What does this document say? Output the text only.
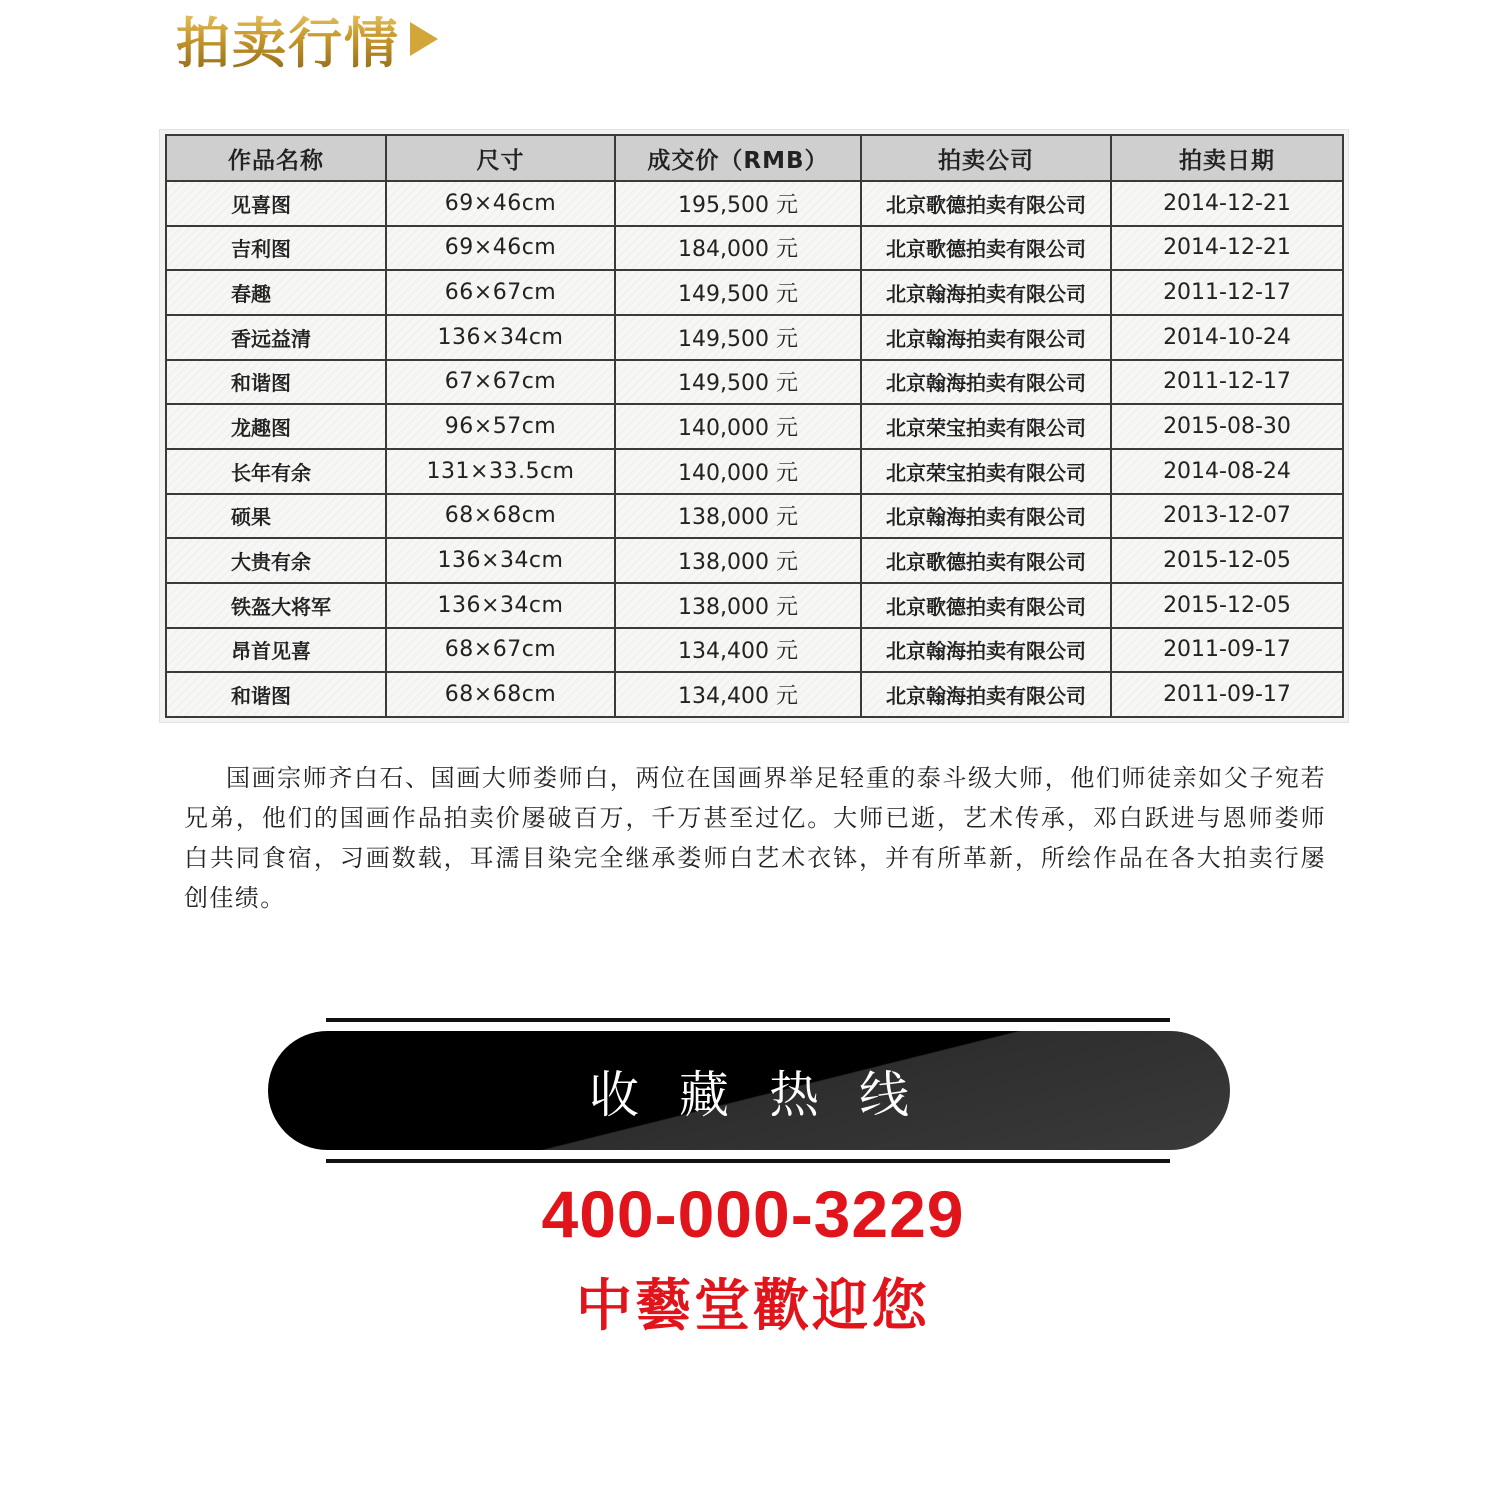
拍卖行情
作品名称	尺寸	成交价（RMB）	拍卖公司	拍卖日期
见喜图	69×46cm	195,500 元	北京歌德拍卖有限公司	2014-12-21
吉利图	69×46cm	184,000 元	北京歌德拍卖有限公司	2014-12-21
春趣	66×67cm	149,500 元	北京翰海拍卖有限公司	2011-12-17
香远益清	136×34cm	149,500 元	北京翰海拍卖有限公司	2014-10-24
和谐图	67×67cm	149,500 元	北京翰海拍卖有限公司	2011-12-17
龙趣图	96×57cm	140,000 元	北京荣宝拍卖有限公司	2015-08-30
长年有余	131×33.5cm	140,000 元	北京荣宝拍卖有限公司	2014-08-24
硕果	68×68cm	138,000 元	北京翰海拍卖有限公司	2013-12-07
大贵有余	136×34cm	138,000 元	北京歌德拍卖有限公司	2015-12-05
铁盔大将军	136×34cm	138,000 元	北京歌德拍卖有限公司	2015-12-05
昂首见喜	68×67cm	134,400 元	北京翰海拍卖有限公司	2011-09-17
和谐图	68×68cm	134,400 元	北京翰海拍卖有限公司	2011-09-17

国画宗师齐白石、国画大师娄师白，两位在国画界举足轻重的泰斗级大师，他们师徒亲如父子宛若兄弟，他们的国画作品拍卖价屡破百万，千万甚至过亿。大师已逝，艺术传承，邓白跃进与恩师娄师白共同食宿，习画数载，耳濡目染完全继承娄师白艺术衣钵，并有所革新，所绘作品在各大拍卖行屡创佳绩。

收藏热线
400-000-3229
中藝堂歡迎您
